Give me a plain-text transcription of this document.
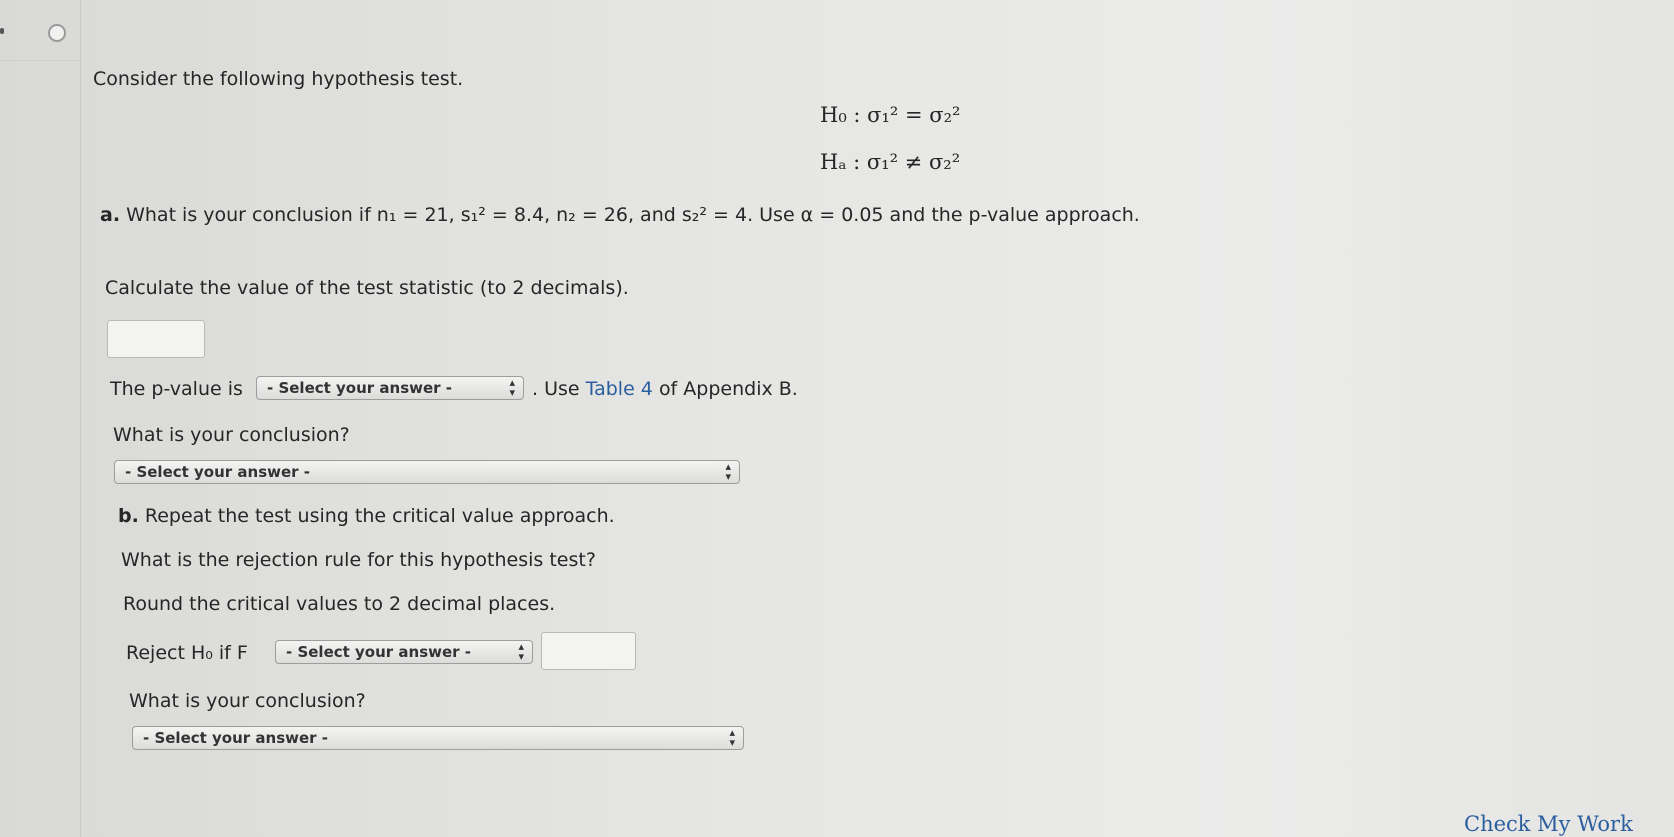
Consider the following hypothesis test.
H₀ : σ₁² = σ₂²
Hₐ : σ₁² ≠ σ₂²
a. What is your conclusion if n₁ = 21, s₁² = 8.4, n₂ = 26, and s₂² = 4. Use α = 0.05 and the p-value approach.
Calculate the value of the test statistic (to 2 decimals).
The p-value is	- Select your answer -	▴
▾ . Use Table 4 of Appendix B.
What is your conclusion?
- Select your answer -	▴
▾
b. Repeat the test using the critical value approach.
What is the rejection rule for this hypothesis test?
Round the critical values to 2 decimal places.
Reject H₀ if F	- Select your answer -	▴
▾
What is your conclusion?
- Select your answer -	▴
▾
Check My Work
